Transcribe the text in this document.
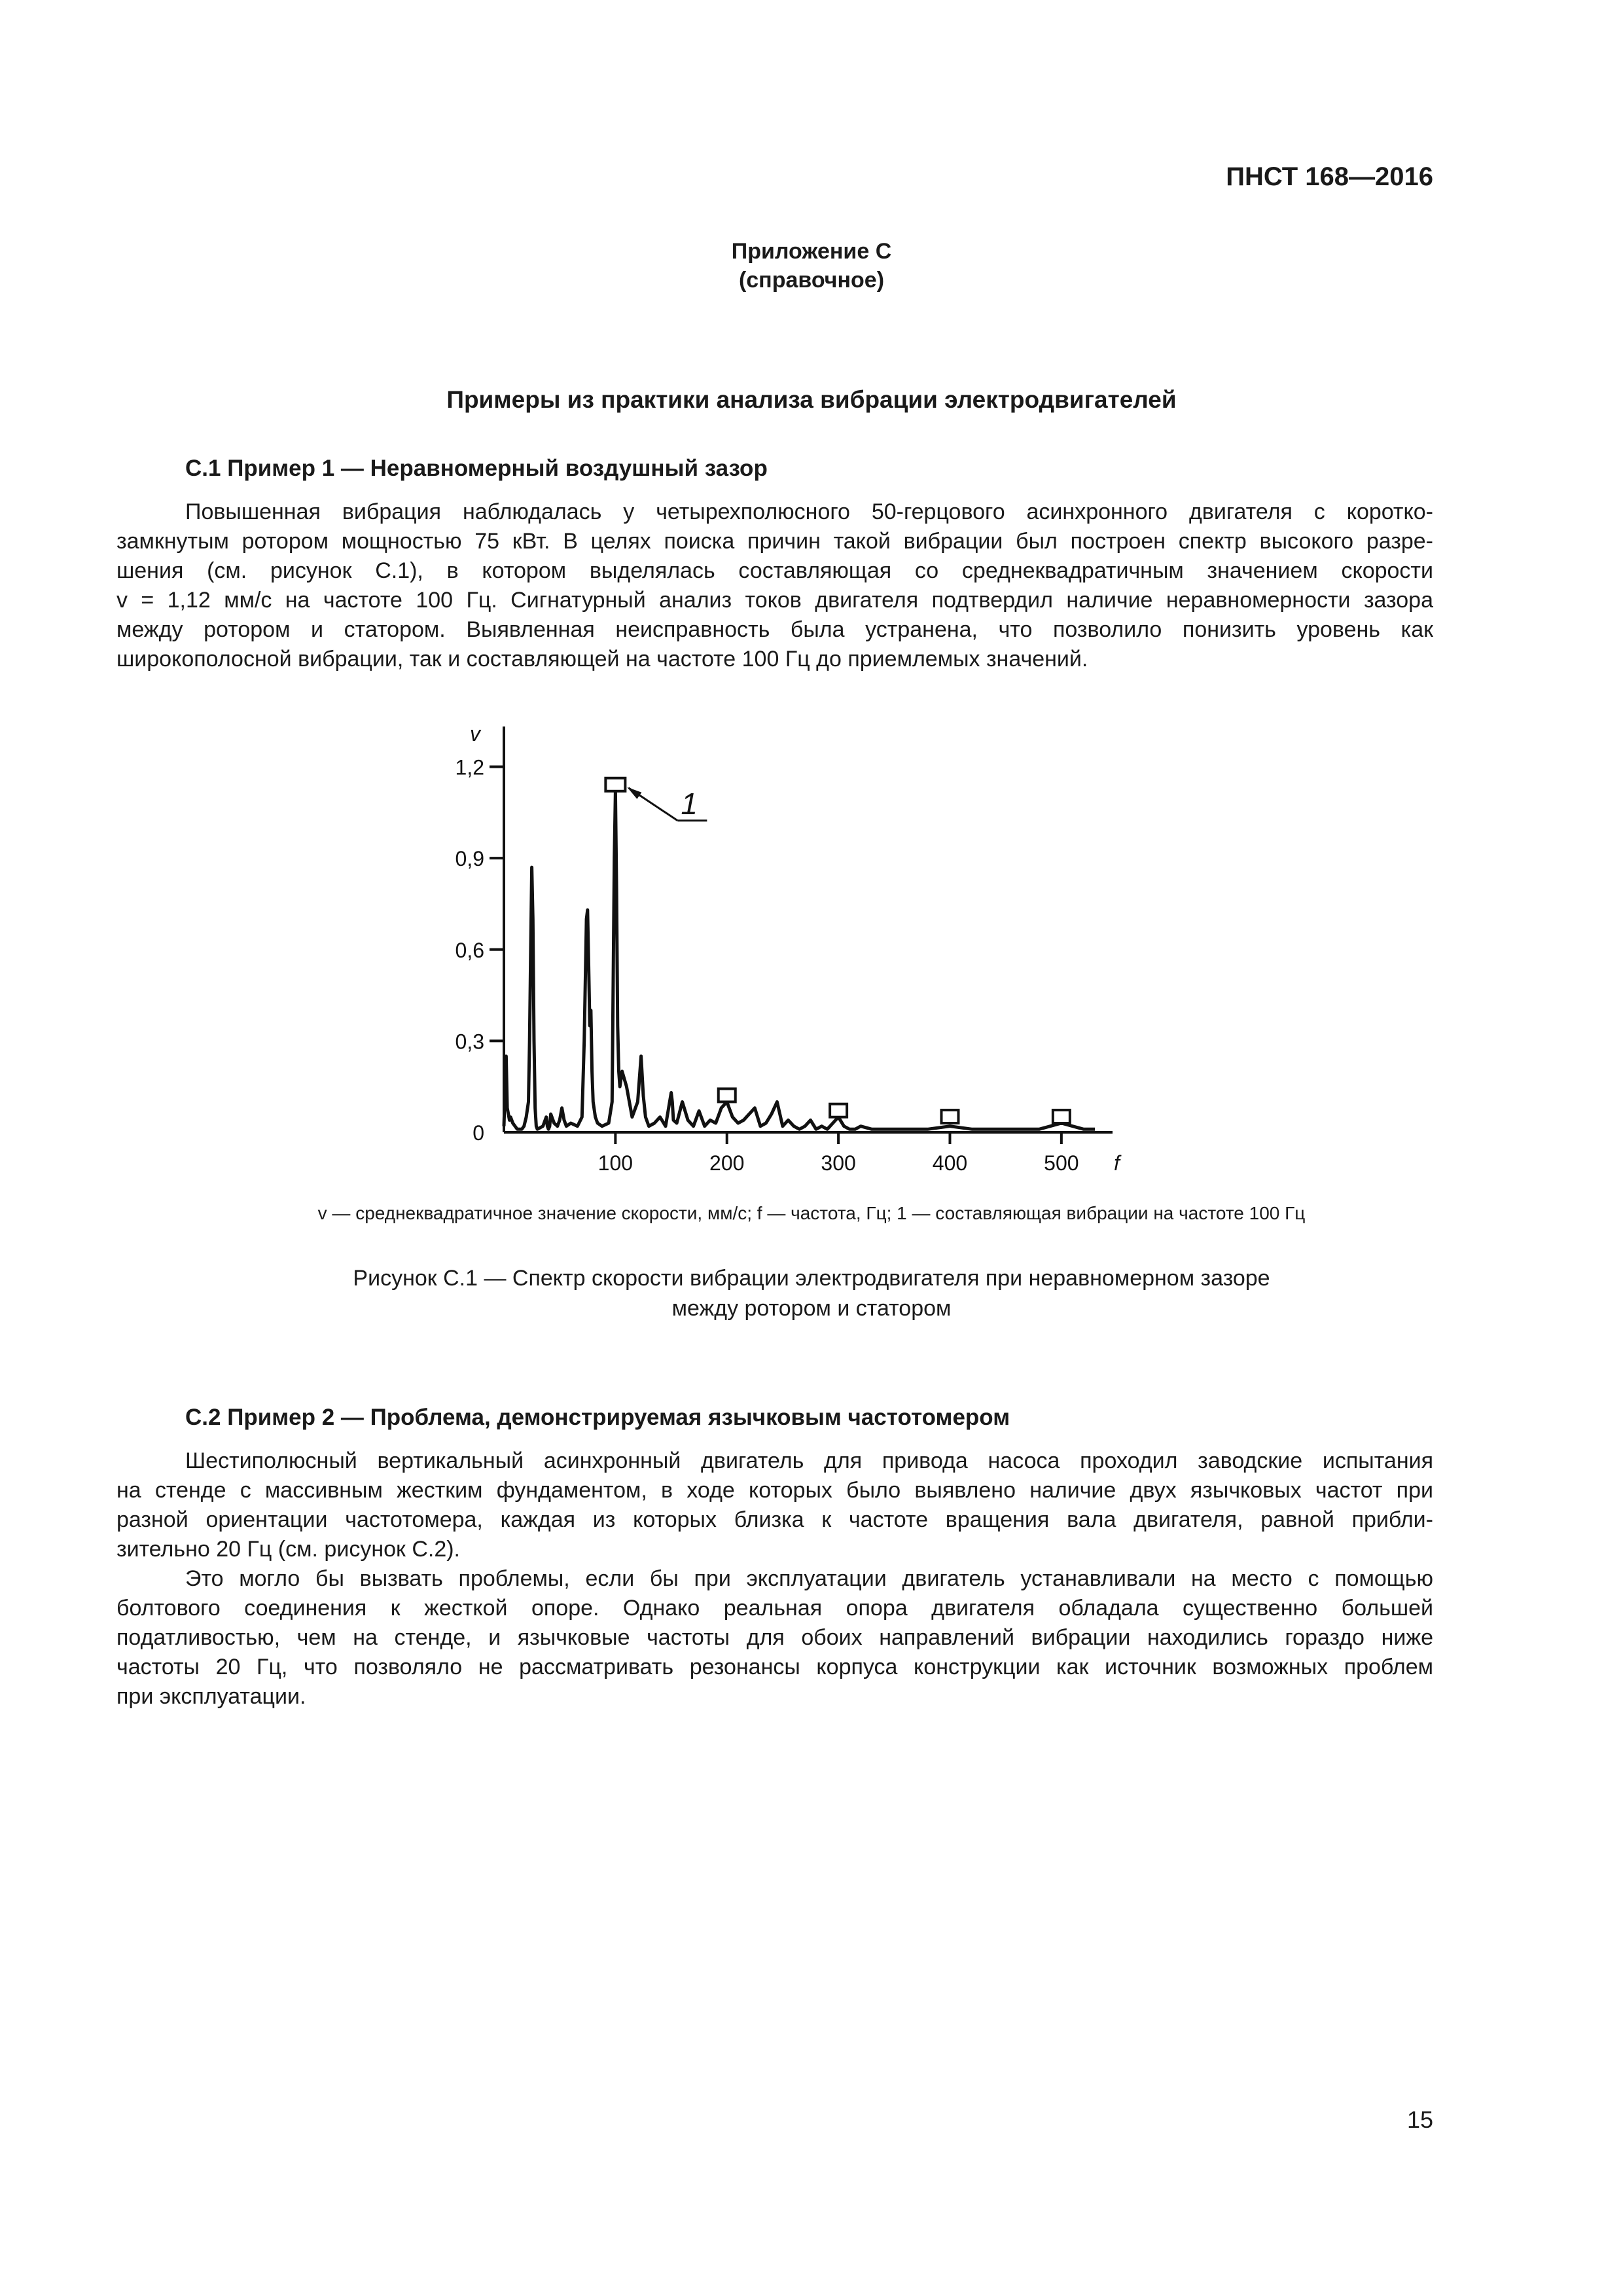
ПНСТ 168—2016
Приложение С
(справочное)
Примеры из практики анализа вибрации электродвигателей
С.1 Пример 1 — Неравномерный воздушный зазор
Повышенная вибрация наблюдалась у четырехполюсного 50-герцового асинхронного двигателя с коротко-
замкнутым ротором мощностью 75 кВт. В целях поиска причин такой вибрации был построен спектр высокого разре-
шения (см. рисунок С.1), в котором выделялась составляющая со среднеквадратичным значением скорости
v = 1,12 мм/с на частоте 100 Гц. Сигнатурный анализ токов двигателя подтвердил наличие неравномерности зазора
между ротором и статором. Выявленная неисправность была устранена, что позволило понизить уровень как
широкополосной вибрации, так и составляющей на частоте 100 Гц до приемлемых значений.
v
f
0
0,3
0,6
0,9
1,2
100	200	300	400	500
1
v — среднеквадратичное значение скорости, мм/с; f — частота, Гц; 1 — составляющая вибрации на частоте 100 Гц
Рисунок С.1 — Спектр скорости вибрации электродвигателя при неравномерном зазоре
между ротором и статором
С.2 Пример 2 — Проблема, демонстрируемая язычковым частотомером
Шестиполюсный вертикальный асинхронный двигатель для привода насоса проходил заводские испытания
на стенде с массивным жестким фундаментом, в ходе которых было выявлено наличие двух язычковых частот при
разной ориентации частотомера, каждая из которых близка к частоте вращения вала двигателя, равной прибли-
зительно 20 Гц (см. рисунок С.2).
Это могло бы вызвать проблемы, если бы при эксплуатации двигатель устанавливали на место с помощью
болтового соединения к жесткой опоре. Однако реальная опора двигателя обладала существенно большей
податливостью, чем на стенде, и язычковые частоты для обоих направлений вибрации находились гораздо ниже
частоты 20 Гц, что позволяло не рассматривать резонансы корпуса конструкции как источник возможных проблем
при эксплуатации.
15
